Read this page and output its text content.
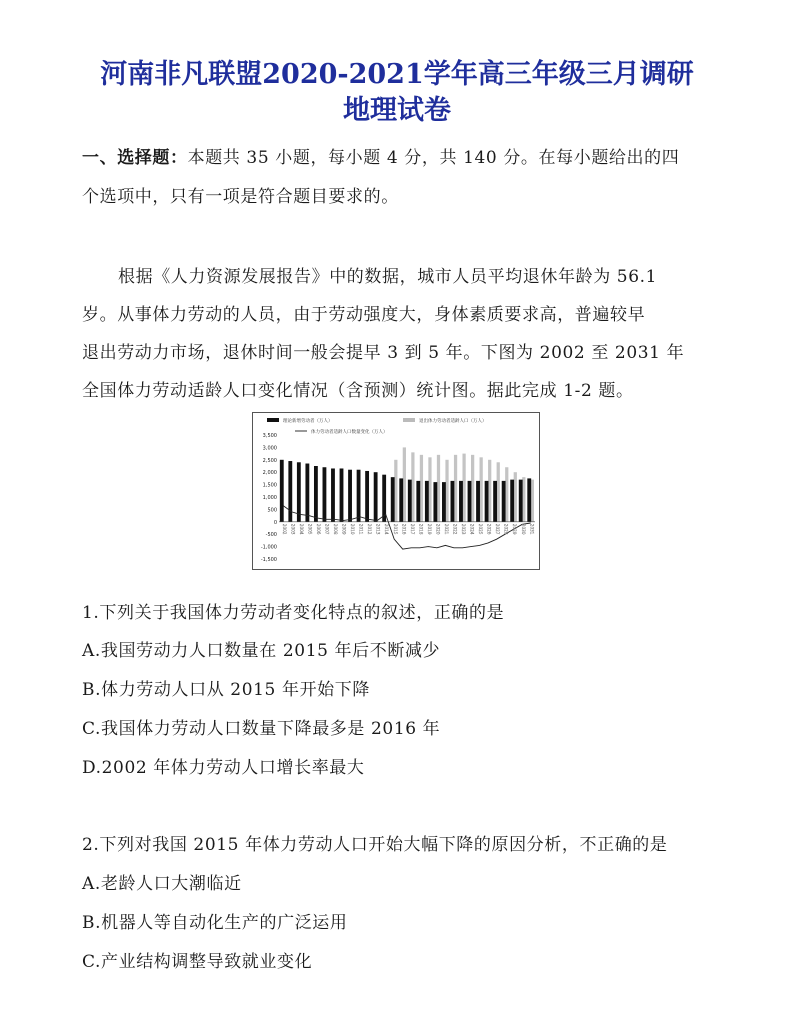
河南非凡联盟2020-2021学年高三年级三月调研
地理试卷
一、选择题：本题共 35 小题，每小题 4 分，共 140 分。在每小题给出的四
个选项中，只有一项是符合题目要求的。
根据《人力资源发展报告》中的数据，城市人员平均退休年龄为 56.1
岁。从事体力劳动的人员，由于劳动强度大，身体素质要求高，普遍较早
退出劳动力市场，退休时间一般会提早 3 到 5 年。下图为 2002 至 2031 年
全国体力劳动适龄人口变化情况（含预测）统计图。据此完成 1-2 题。
理论新增劳动者（万人）	退出体力劳动者适龄人口（万人）
体力劳动者适龄人口数量变化（万人）
3,500
3,000
2,500
2,000
1,500
1,000
500
0
-500
-1,000
-1,500
2002 2003 2004 2005 2006 2007 2008 2009 2010 2011 2012 2013 2014 2015 2016 2017 2018 2019 2020 2021 2022 2023 2024 2025 2026 2027 2028 2029 2030 2031
1.下列关于我国体力劳动者变化特点的叙述，正确的是
A.我国劳动力人口数量在 2015 年后不断减少
B.体力劳动人口从 2015 年开始下降
C.我国体力劳动人口数量下降最多是 2016 年
D.2002 年体力劳动人口增长率最大
2.下列对我国 2015 年体力劳动人口开始大幅下降的原因分析，不正确的是
A.老龄人口大潮临近
B.机器人等自动化生产的广泛运用
C.产业结构调整导致就业变化
